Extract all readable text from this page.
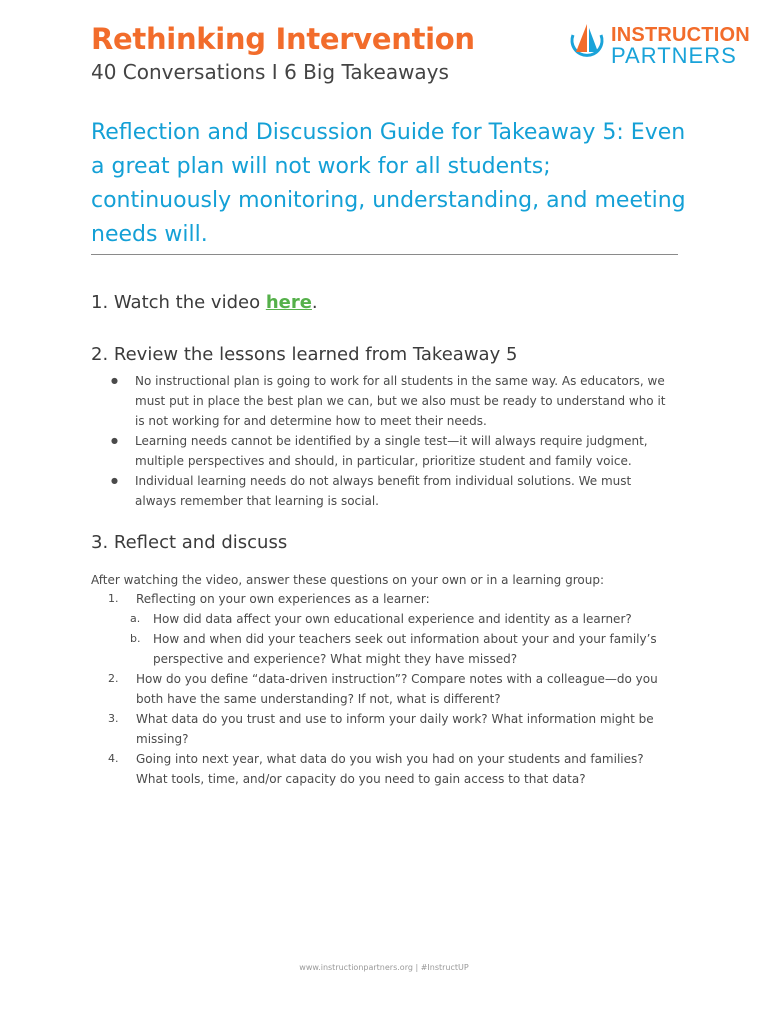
Rethinking Intervention
40 Conversations I 6 Big Takeaways
INSTRUCTION
PARTNERS
Reflection and Discussion Guide for Takeaway 5: Even a great plan will not work for all students; continuously monitoring, understanding, and meeting needs will.
1. Watch the video here.
2. Review the lessons learned from Takeaway 5
● No instructional plan is going to work for all students in the same way. As educators, we must put in place the best plan we can, but we also must be ready to understand who it is not working for and determine how to meet their needs.
● Learning needs cannot be identified by a single test—it will always require judgment, multiple perspectives and should, in particular, prioritize student and family voice.
● Individual learning needs do not always benefit from individual solutions. We must always remember that learning is social.
3. Reflect and discuss
After watching the video, answer these questions on your own or in a learning group:
1. Reflecting on your own experiences as a learner:
a. How did data affect your own educational experience and identity as a learner?
b. How and when did your teachers seek out information about your and your family’s perspective and experience? What might they have missed?
2. How do you define “data-driven instruction”? Compare notes with a colleague—do you both have the same understanding? If not, what is different?
3. What data do you trust and use to inform your daily work? What information might be missing?
4. Going into next year, what data do you wish you had on your students and families? What tools, time, and/or capacity do you need to gain access to that data?
www.instructionpartners.org | #InstructUP
